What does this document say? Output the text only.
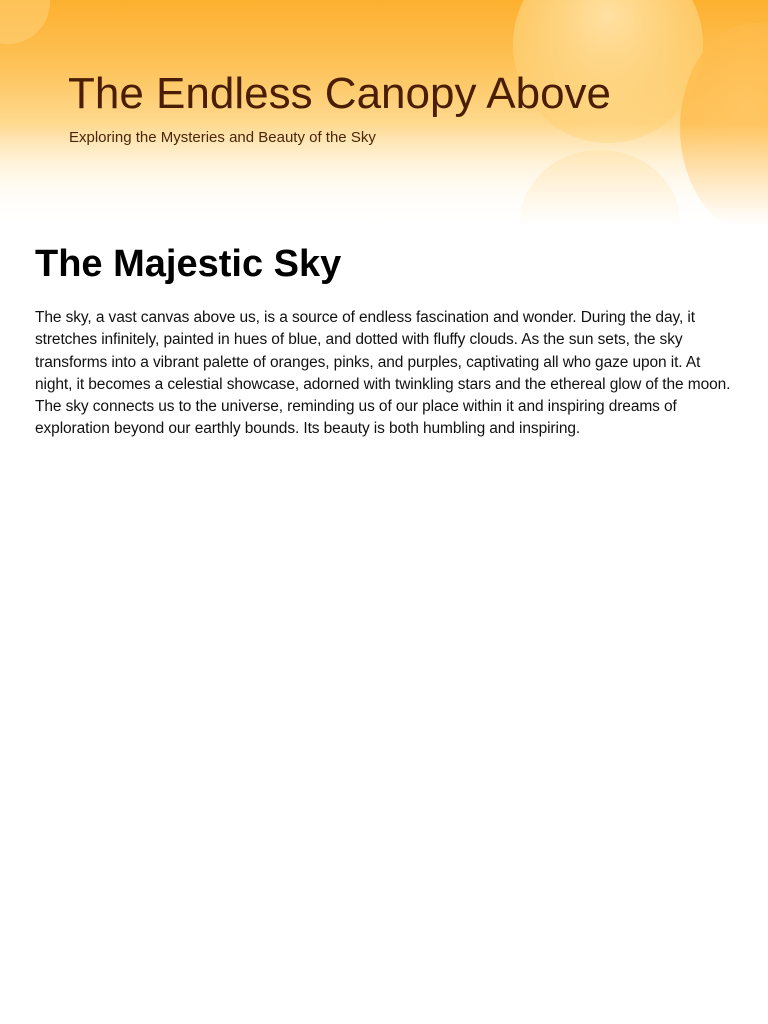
The Endless Canopy Above

Exploring the Mysteries and Beauty of the Sky

The Majestic Sky

The sky, a vast canvas above us, is a source of endless fascination and wonder. During the day, it stretches infinitely, painted in hues of blue, and dotted with fluffy clouds. As the sun sets, the sky transforms into a vibrant palette of oranges, pinks, and purples, captivating all who gaze upon it. At night, it becomes a celestial showcase, adorned with twinkling stars and the ethereal glow of the moon. The sky connects us to the universe, reminding us of our place within it and inspiring dreams of exploration beyond our earthly bounds. Its beauty is both humbling and inspiring.
